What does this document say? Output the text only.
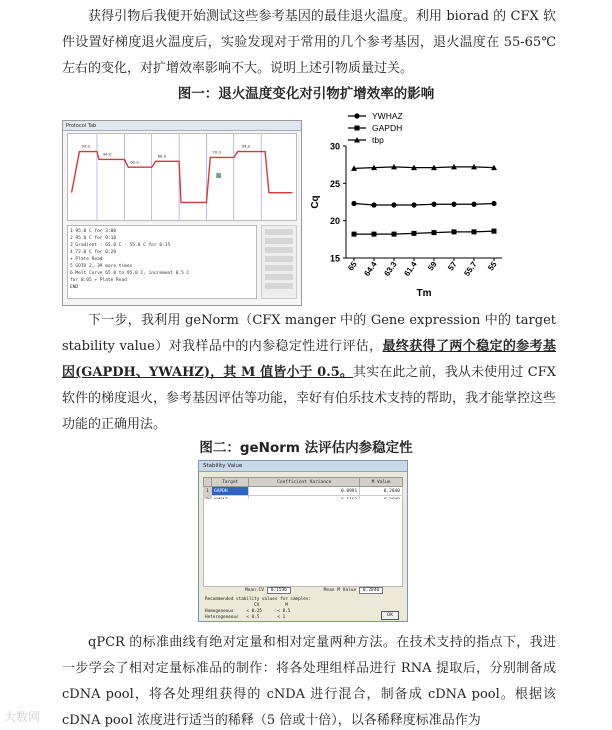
获得引物后我便开始测试这些参考基因的最佳退火温度。利用 biorad 的 CFX 软件设置好梯度退火温度后，实验发现对于常用的几个参考基因，退火温度在 55-65℃左右的变化，对扩增效率影响不大。说明上述引物质量过关。

图一：退火温度变化对引物扩增效率的影响
Protocol Tab
94.0
94.0
60.0
68.0
70.0
94.0
1 95.0 C for 3:00
2 95.0 C for 0:10
3 Gradient : 65.0 C - 55.0 C for 0:15
4 72.0 C for 0:20
+ Plate Read
5 GOTO 2, 39 more times
6 Melt Curve 65.0 to 95.0 C, increment 0.5 C
for 0:05 + Plate Read
END
YWHAZ
GAPDH
tbp
15
20
25
30
65 64.4 63.3 61.4 59 57 55.7 55
Cq
Tm

下一步，我利用 geNorm（CFX manger 中的 Gene expression 中的 target stability value）对我样品中的内参稳定性进行评估，最终获得了两个稳定的参考基因(GAPDH、YWAHZ)，其 M 值皆小于 0.5。其实在此之前，我从未使用过 CFX 软件的梯度退火，参考基因评估等功能，幸好有伯乐技术支持的帮助，我才能掌控这些功能的正确用法。

图二：geNorm 法评估内参稳定性
Stability Value
	Target	Coefficient Variance	M Value
1	GAPDH	0.0991	0.2840

Mean CV 0.1536	Mean M Value 0.2840
Recommended stability values for samples:
CV          M
Homogeneous     < 0.25      < 0.5
Heterogeneous   < 0.5       < 1	OK

qPCR 的标准曲线有绝对定量和相对定量两种方法。在技术支持的指点下，我进一步学会了相对定量标准品的制作：将各处理组样品进行 RNA 提取后，分别制备成 cDNA pool，将各处理组获得的 cNDA 进行混合，制备成 cDNA pool。根据该 cDNA pool 浓度进行适当的稀释（5 倍或十倍），以各稀释度标准品作为

大数网
